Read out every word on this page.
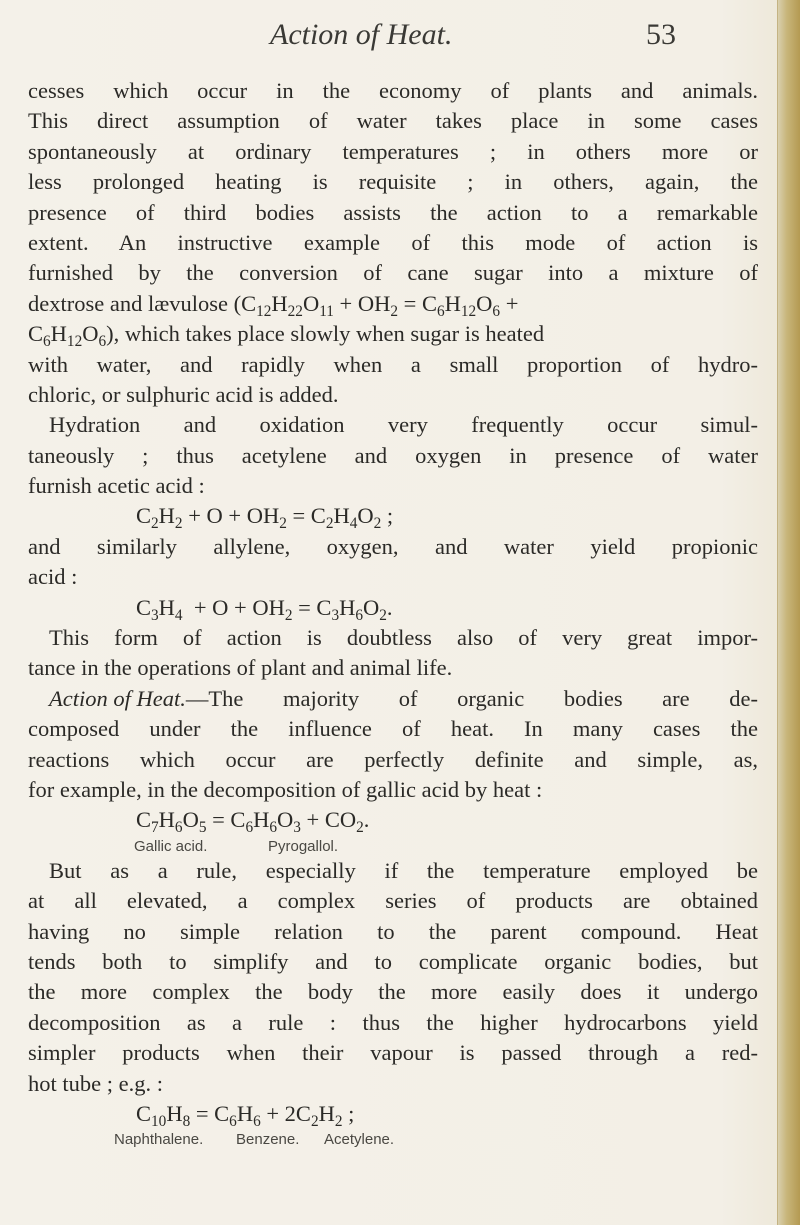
Action of Heat.	53
cesses which occur in the economy of plants and animals.
This direct assumption of water takes place in some cases
spontaneously at ordinary temperatures ; in others more or
less prolonged heating is requisite ; in others, again, the
presence of third bodies assists the action to a remarkable
extent. An instructive example of this mode of action is
furnished by the conversion of cane sugar into a mixture of
dextrose and lævulose ($C_{12}H_{22}O_{11} + OH_2 = C_6H_{12}O_6$ +
$C_6H_{12}O_6$), which takes place slowly when sugar is heated
with water, and rapidly when a small proportion of hydro-
chloric, or sulphuric acid is added.
Hydration and oxidation very frequently occur simul-
taneously ; thus acetylene and oxygen in presence of water
furnish acetic acid :
$C_2H_2 + O + OH_2 = C_2H_4O_2$ ;
and similarly allylene, oxygen, and water yield propionic
acid :
$C_3H_4 + O + OH_2 = C_3H_6O_2$.
This form of action is doubtless also of very great impor-
tance in the operations of plant and animal life.
Action of Heat. —The majority of organic bodies are de-
composed under the influence of heat. In many cases the
reactions which occur are perfectly definite and simple, as,
for example, in the decomposition of gallic acid by heat :
$C_7H_6O_5 = C_6H_6O_3 + CO_2$.
Gallic acid.	Pyrogallol.
But as a rule, especially if the temperature employed be
at all elevated, a complex series of products are obtained
having no simple relation to the parent compound. Heat
tends both to simplify and to complicate organic bodies, but
the more complex the body the more easily does it undergo
decomposition as a rule : thus the higher hydrocarbons yield
simpler products when their vapour is passed through a red-
hot tube ; e.g. :
$C_{10}H_8 = C_6H_6 + 2C_2H_2$ ;
Naphthalene. Benzene. Acetylene.
